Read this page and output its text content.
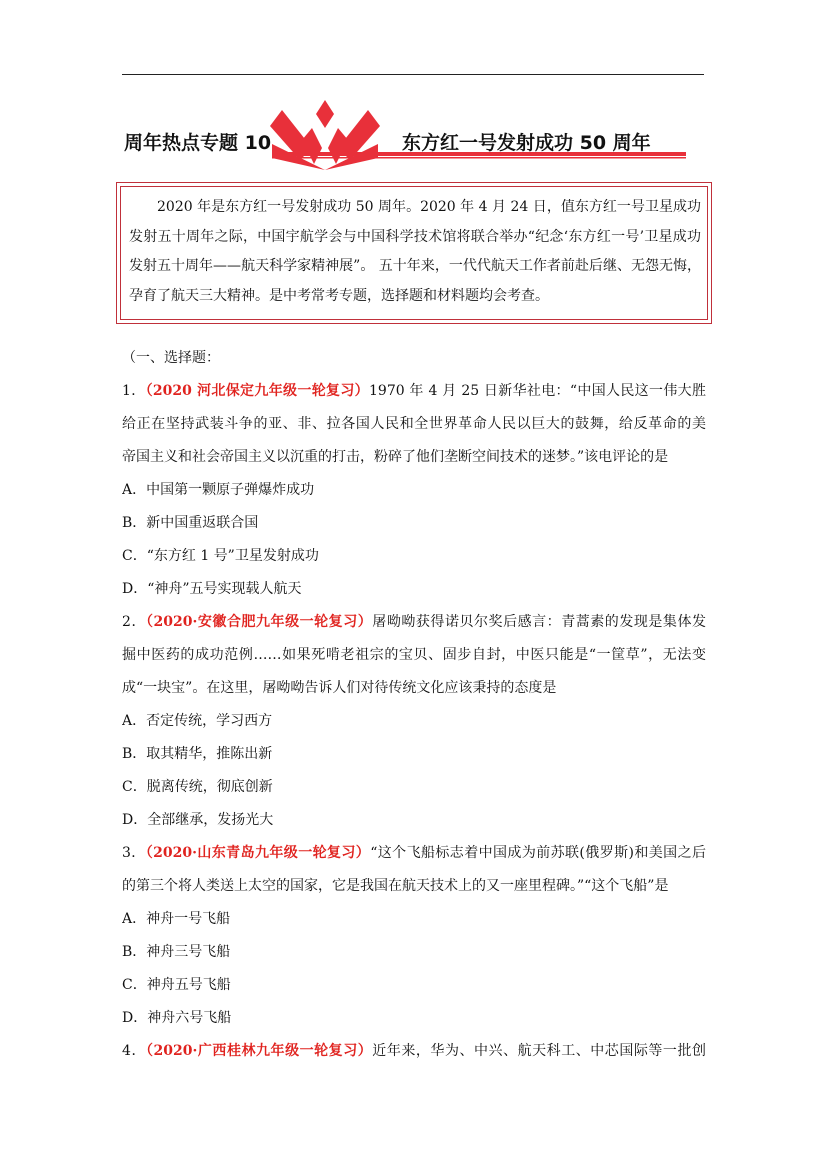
周年热点专题 10	东方红一号发射成功 50 周年
2020 年是东方红一号发射成功 50 周年。2020 年 4 月 24 日，值东方红一号卫星成功发射五十周年之际，中国宇航学会与中国科学技术馆将联合举办“纪念‘东方红一号’卫星成功发射五十周年——航天科学家精神展”。 五十年来，一代代航天工作者前赴后继、无怨无悔，孕育了航天三大精神。是中考常考专题，选择题和材料题均会考查。
（一、选择题：
1．（2020 河北保定九年级一轮复习）1970 年 4 月 25 日新华社电：“中国人民这一伟大胜
给正在坚持武装斗争的亚、非、拉各国人民和全世界革命人民以巨大的鼓舞，给反革命的美
帝国主义和社会帝国主义以沉重的打击，粉碎了他们垄断空间技术的迷梦。”该电评论的是
A．中国第一颗原子弹爆炸成功
B．新中国重返联合国
C．“东方红 1 号”卫星发射成功
D．“神舟”五号实现载人航天
2．（2020·安徽合肥九年级一轮复习）屠呦呦获得诺贝尔奖后感言：青蒿素的发现是集体发
掘中医药的成功范例……如果死啃老祖宗的宝贝、固步自封，中医只能是“一筐草”，无法变
成“一块宝”。在这里，屠呦呦告诉人们对待传统文化应该秉持的态度是
A．否定传统，学习西方
B．取其精华，推陈出新
C．脱离传统，彻底创新
D．全部继承，发扬光大
3．（2020·山东青岛九年级一轮复习）“这个飞船标志着中国成为前苏联(俄罗斯)和美国之后
的第三个将人类送上太空的国家，它是我国在航天技术上的又一座里程碑。”“这个飞船”是
A．神舟一号飞船
B．神舟三号飞船
C．神舟五号飞船
D．神舟六号飞船
4．（2020·广西桂林九年级一轮复习）近年来，华为、中兴、航天科工、中芯国际等一批创
